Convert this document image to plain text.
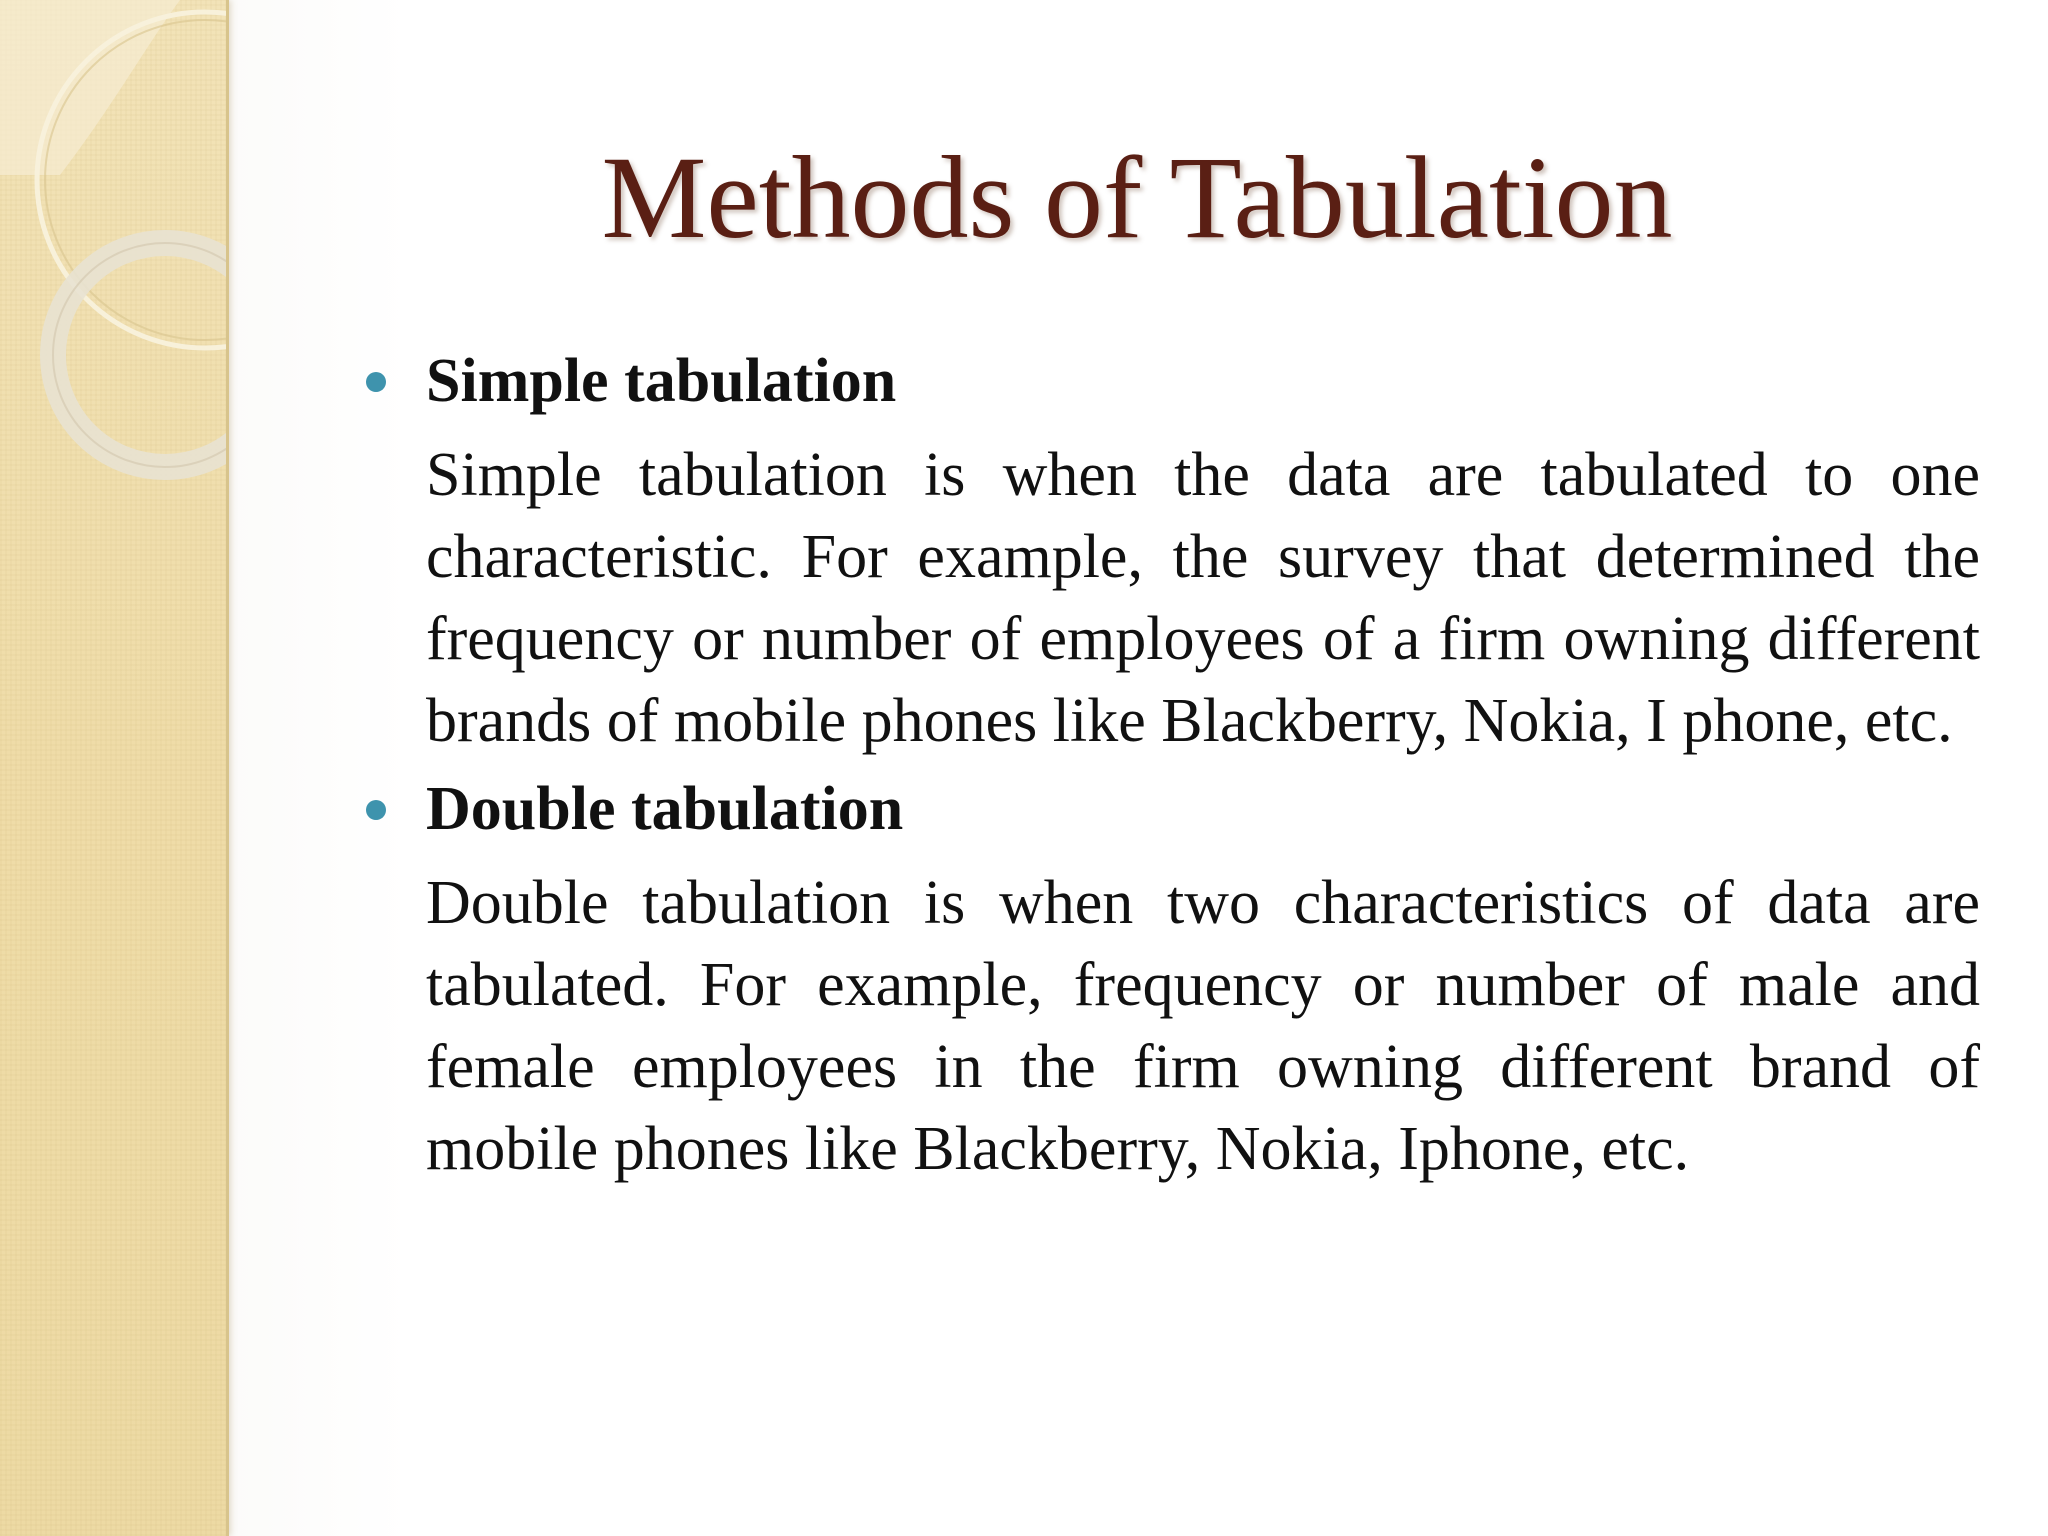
Methods of Tabulation
Simple tabulation
Simple tabulation is when the data are tabulated to one characteristic. For example, the survey that determined the frequency or number of employees of a firm owning different brands of mobile phones like Blackberry, Nokia, I phone, etc.
Double tabulation
Double tabulation is when two characteristics of data are tabulated. For example, frequency or number of male and female employees in the firm owning different brand of mobile phones like Blackberry, Nokia, Iphone, etc.
